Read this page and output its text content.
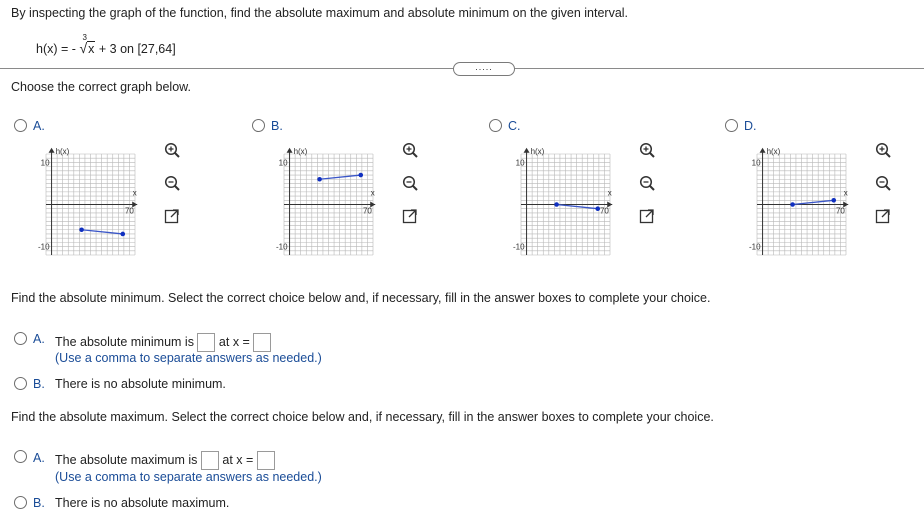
By inspecting the graph of the function, find the absolute maximum and absolute minimum on the given interval.
h(x) = -
3
√x + 3 on [27,64]
.....
Choose the correct graph below.
A.
h(x)
x
10
-10
70
B.
h(x)
x
10
-10
70
C.
h(x)
x
10
-10
70
D.
h(x)
x
10
-10
70
Find the absolute minimum. Select the correct choice below and, if necessary, fill in the answer boxes to complete your choice.
A. The absolute minimum is at x =
(Use a comma to separate answers as needed.)
B. There is no absolute minimum.
Find the absolute maximum. Select the correct choice below and, if necessary, fill in the answer boxes to complete your choice.
A. The absolute maximum is at x =
(Use a comma to separate answers as needed.)
B. There is no absolute maximum.
